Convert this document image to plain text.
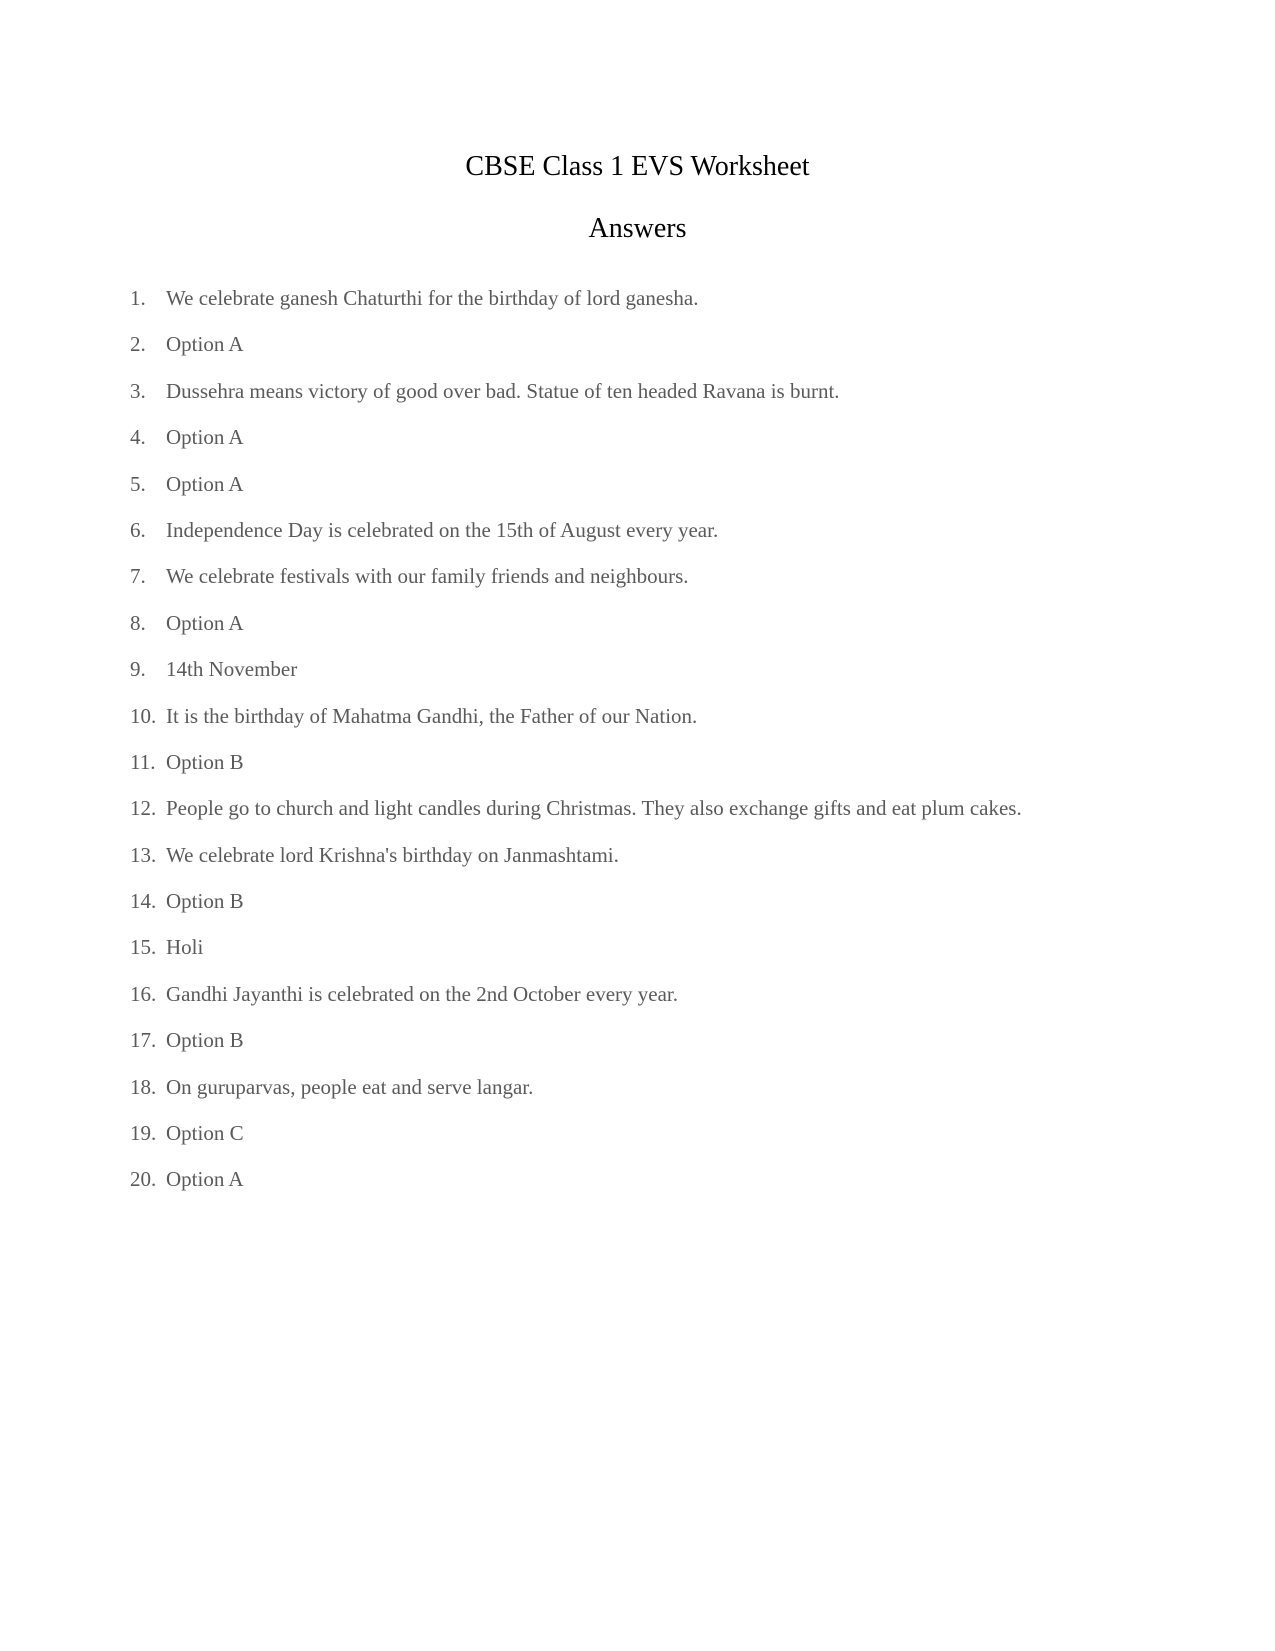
CBSE Class 1 EVS Worksheet
Answers
1. We celebrate ganesh Chaturthi for the birthday of lord ganesha.
2. Option A
3. Dussehra means victory of good over bad. Statue of ten headed Ravana is burnt.
4. Option A
5. Option A
6. Independence Day is celebrated on the 15th of August every year.
7. We celebrate festivals with our family friends and neighbours.
8. Option A
9. 14th November
10. It is the birthday of Mahatma Gandhi, the Father of our Nation.
11. Option B
12. People go to church and light candles during Christmas. They also exchange gifts and eat plum cakes.
13. We celebrate lord Krishna's birthday on Janmashtami.
14. Option B
15. Holi
16. Gandhi Jayanthi is celebrated on the 2nd October every year.
17. Option B
18. On guruparvas, people eat and serve langar.
19. Option C
20. Option A
